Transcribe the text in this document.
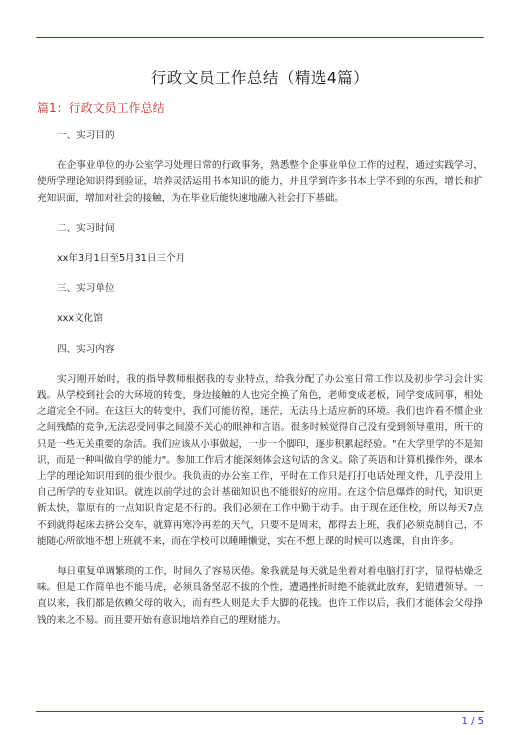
行政文员工作总结（精选4篇）
篇1：行政文员工作总结

一、实习目的

在企事业单位的办公室学习处理日常的行政事务，熟悉整个企事业单位工作的过程，通过实践学习，使所学理论知识得到验证，培养灵活运用书本知识的能力，并且学到许多书本上学不到的东西，增长和扩充知识面，增加对社会的接触，为在毕业后能快速地融入社会打下基础。

二、实习时间

xx年3月1日至5月31日三个月

三、实习单位

xxx文化馆

四、实习内容

实习刚开始时，我的指导教师根据我的专业特点，给我分配了办公室日常工作以及初步学习会计实践。从学校到社会的大环境的转变，身边接触的人也完全换了角色，老师变成老板，同学变成同事，相处之道完全不同。在这巨大的转变中，我们可能彷徨，迷茫，无法马上适应新的环境。我们也许看不惯企业之间残酷的竞争,无法忍受同事之间漠不关心的眼神和言语。很多时候觉得自己没有受到领导重用，所干的只是一些无关重要的杂活。我们应该从小事做起，一步一个脚印，逐步积累起经验。"在大学里学的不是知识，而是一种叫做自学的能力"。参加工作后才能深刻体会这句话的含义。除了英语和计算机操作外，课本上学的理论知识用到的很少很少。我负责的办公室工作，平时在工作只是打打电话处理文件，几乎没用上自己所学的专业知识。就连以前学过的会计基础知识也不能很好的应用。在这个信息爆炸的时代，知识更新太快，靠原有的一点知识肯定是不行的。我们必须在工作中勤于动手。由于现在还住校，所以每天7点不到就得起床去挤公交车，就算再寒冷再差的天气，只要不是周末，都得去上班，我们必须克制自己，不能随心所欲地不想上班就不来，而在学校可以睡睡懒觉，实在不想上课的时候可以逃课，自由许多。

每日重复单调繁琐的工作，时间久了容易厌倦。象我就是每天就是坐着对着电脑打打字，显得枯燥乏味。但是工作简单也不能马虎，必须具备坚忍不拔的个性，遭遇挫折时绝不能就此放弃，犯错遭领导。一直以来，我们都是依赖父母的收入，而有些人则是大手大脚的花钱。也许工作以后，我们才能体会父母挣钱的来之不易。而且要开始有意识地培养自己的理财能力。

1 / 5
